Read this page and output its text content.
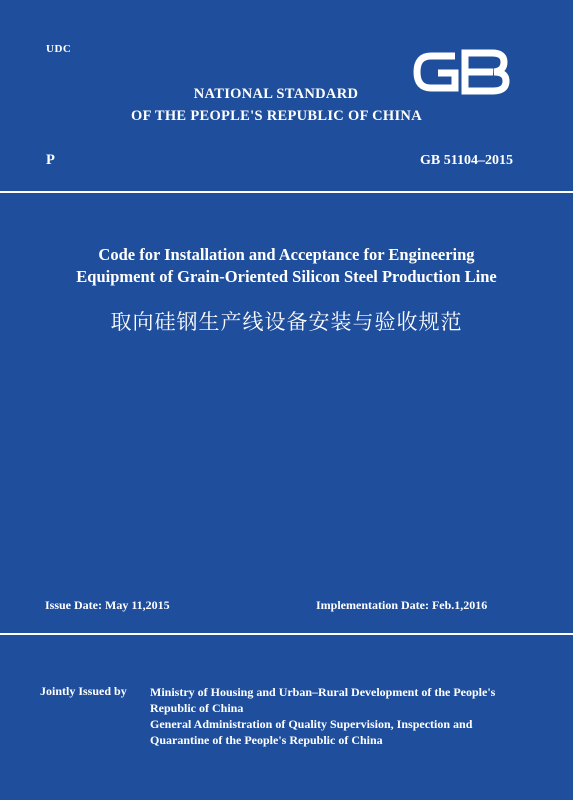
UDC
NATIONAL STANDARD
OF THE PEOPLE'S REPUBLIC OF CHINA
P	GB 51104–2015
Code for Installation and Acceptance for Engineering
Equipment of Grain-Oriented Silicon Steel Production Line
取向硅钢生产线设备安装与验收规范
Issue Date: May 11,2015	Implementation Date: Feb.1,2016
Jointly Issued by Ministry of Housing and Urban–Rural Development of the People's
Republic of China
General Administration of Quality Supervision, Inspection and
Quarantine of the People's Republic of China
